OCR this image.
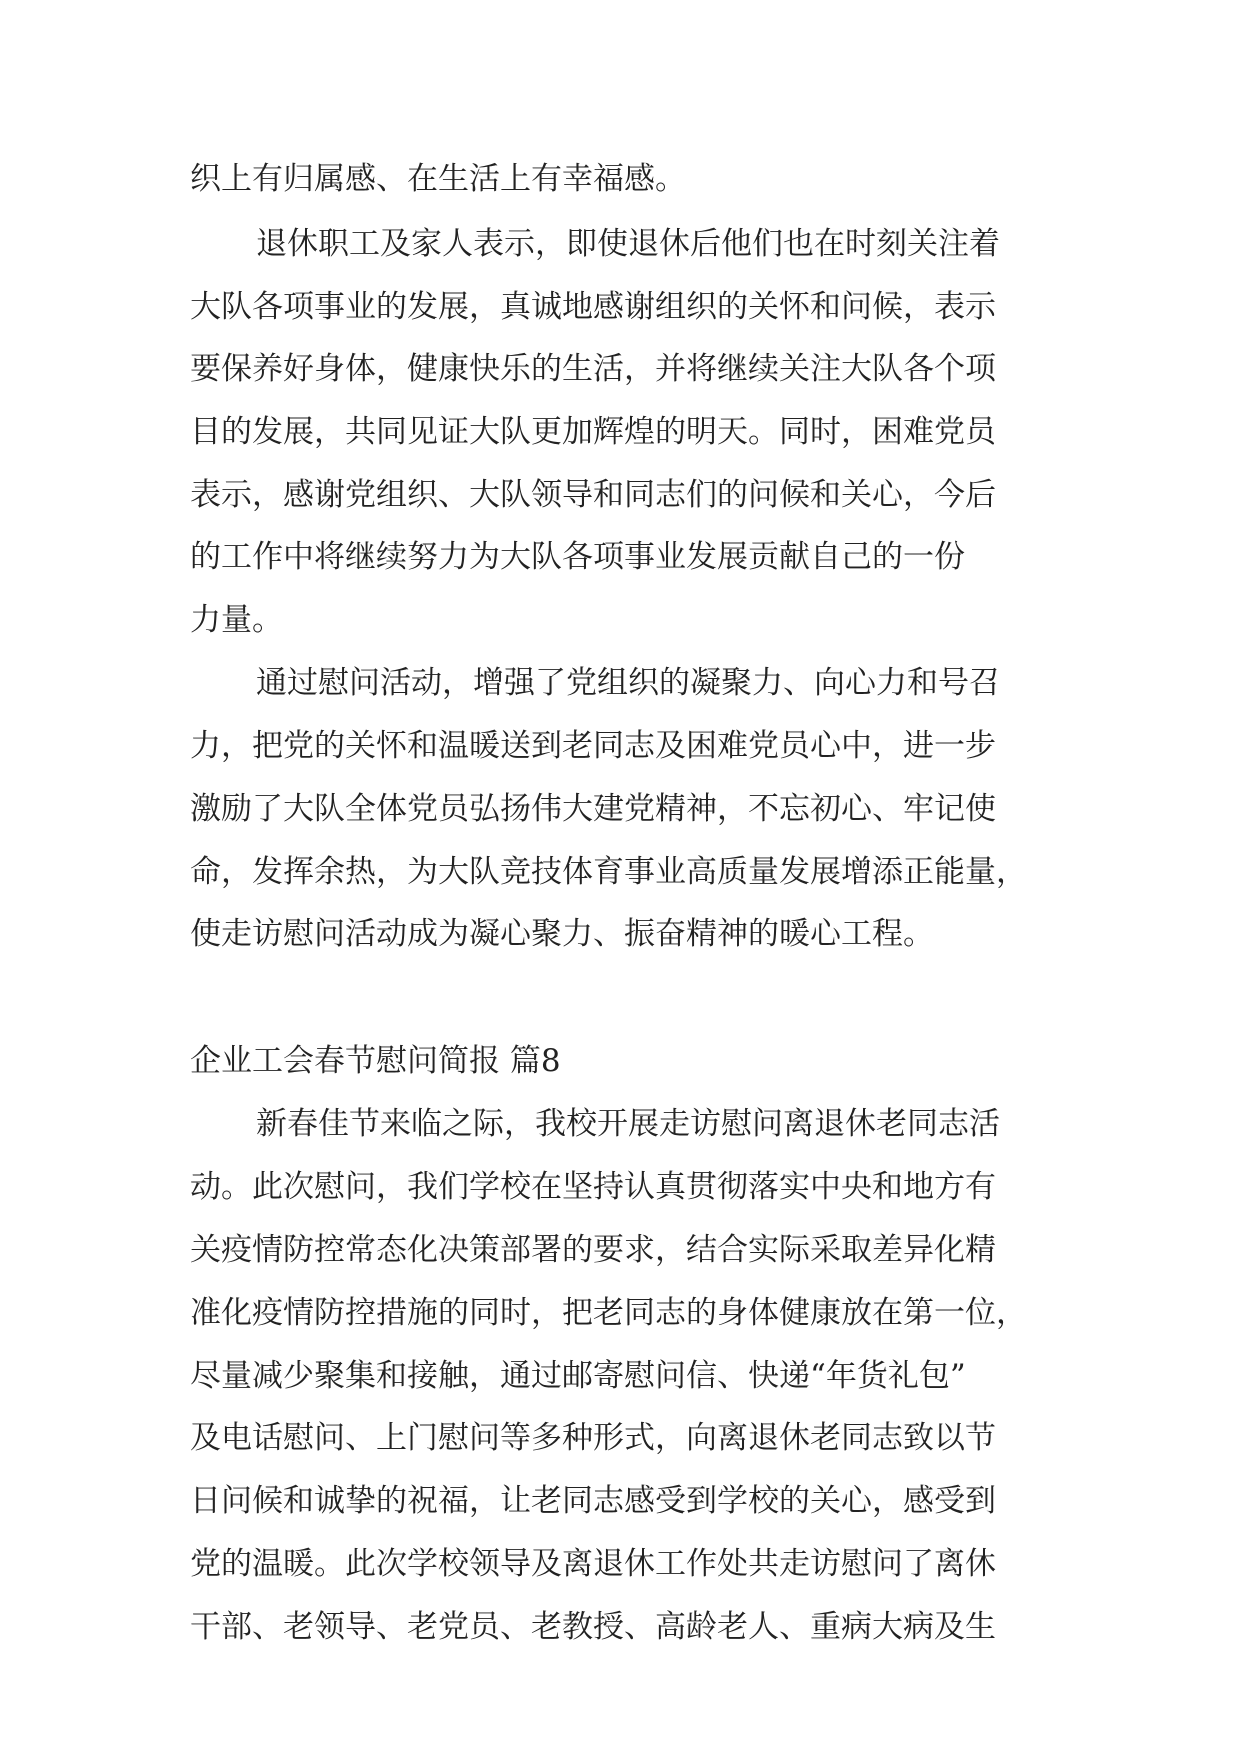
织上有归属感、在生活上有幸福感。
退休职工及家人表示，即使退休后他们也在时刻关注着
大队各项事业的发展，真诚地感谢组织的关怀和问候，表示
要保养好身体，健康快乐的生活，并将继续关注大队各个项
目的发展，共同见证大队更加辉煌的明天。同时，困难党员
表示，感谢党组织、大队领导和同志们的问候和关心，今后
的工作中将继续努力为大队各项事业发展贡献自己的一份
力量。
通过慰问活动，增强了党组织的凝聚力、向心力和号召
力，把党的关怀和温暖送到老同志及困难党员心中，进一步
激励了大队全体党员弘扬伟大建党精神，不忘初心、牢记使
命，发挥余热，为大队竞技体育事业高质量发展增添正能量，
使走访慰问活动成为凝心聚力、振奋精神的暖心工程。
企业工会春节慰问简报 篇8
新春佳节来临之际，我校开展走访慰问离退休老同志活
动。此次慰问，我们学校在坚持认真贯彻落实中央和地方有
关疫情防控常态化决策部署的要求，结合实际采取差异化精
准化疫情防控措施的同时，把老同志的身体健康放在第一位，
尽量减少聚集和接触，通过邮寄慰问信、快递“年货礼包”
及电话慰问、上门慰问等多种形式，向离退休老同志致以节
日问候和诚挚的祝福，让老同志感受到学校的关心，感受到
党的温暖。此次学校领导及离退休工作处共走访慰问了离休
干部、老领导、老党员、老教授、高龄老人、重病大病及生
